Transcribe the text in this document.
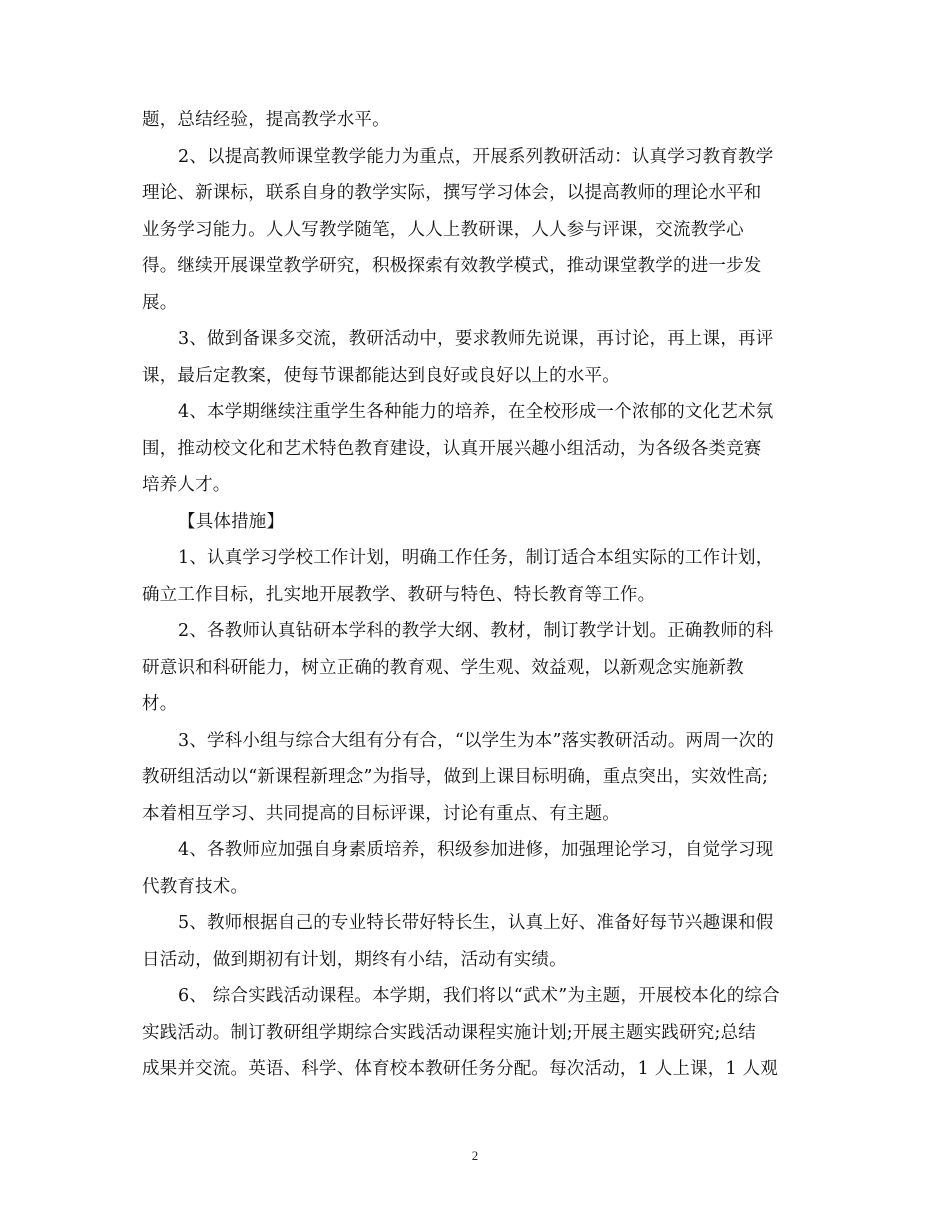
题，总结经验，提高教学水平。
2、以提高教师课堂教学能力为重点，开展系列教研活动：认真学习教育教学
理论、新课标，联系自身的教学实际，撰写学习体会，以提高教师的理论水平和
业务学习能力。人人写教学随笔，人人上教研课，人人参与评课，交流教学心
得。继续开展课堂教学研究，积极探索有效教学模式，推动课堂教学的进一步发
展。
3、做到备课多交流，教研活动中，要求教师先说课，再讨论，再上课，再评
课，最后定教案，使每节课都能达到良好或良好以上的水平。
4、本学期继续注重学生各种能力的培养，在全校形成一个浓郁的文化艺术氛
围，推动校文化和艺术特色教育建设，认真开展兴趣小组活动，为各级各类竞赛
培养人才。
【具体措施】
1、认真学习学校工作计划，明确工作任务，制订适合本组实际的工作计划，
确立工作目标，扎实地开展教学、教研与特色、特长教育等工作。
2、各教师认真钻研本学科的教学大纲、教材，制订教学计划。正确教师的科
研意识和科研能力，树立正确的教育观、学生观、效益观，以新观念实施新教
材。
3、学科小组与综合大组有分有合，“以学生为本”落实教研活动。两周一次的
教研组活动以“新课程新理念”为指导，做到上课目标明确，重点突出，实效性高;
本着相互学习、共同提高的目标评课，讨论有重点、有主题。
4、各教师应加强自身素质培养，积级参加进修，加强理论学习，自觉学习现
代教育技术。
5、教师根据自己的专业特长带好特长生，认真上好、准备好每节兴趣课和假
日活动，做到期初有计划，期终有小结，活动有实绩。
6、 综合实践活动课程。本学期，我们将以“武术”为主题，开展校本化的综合
实践活动。制订教研组学期综合实践活动课程实施计划;开展主题实践研究;总结
成果并交流。英语、科学、体育校本教研任务分配。每次活动，1 人上课，1 人观
2
